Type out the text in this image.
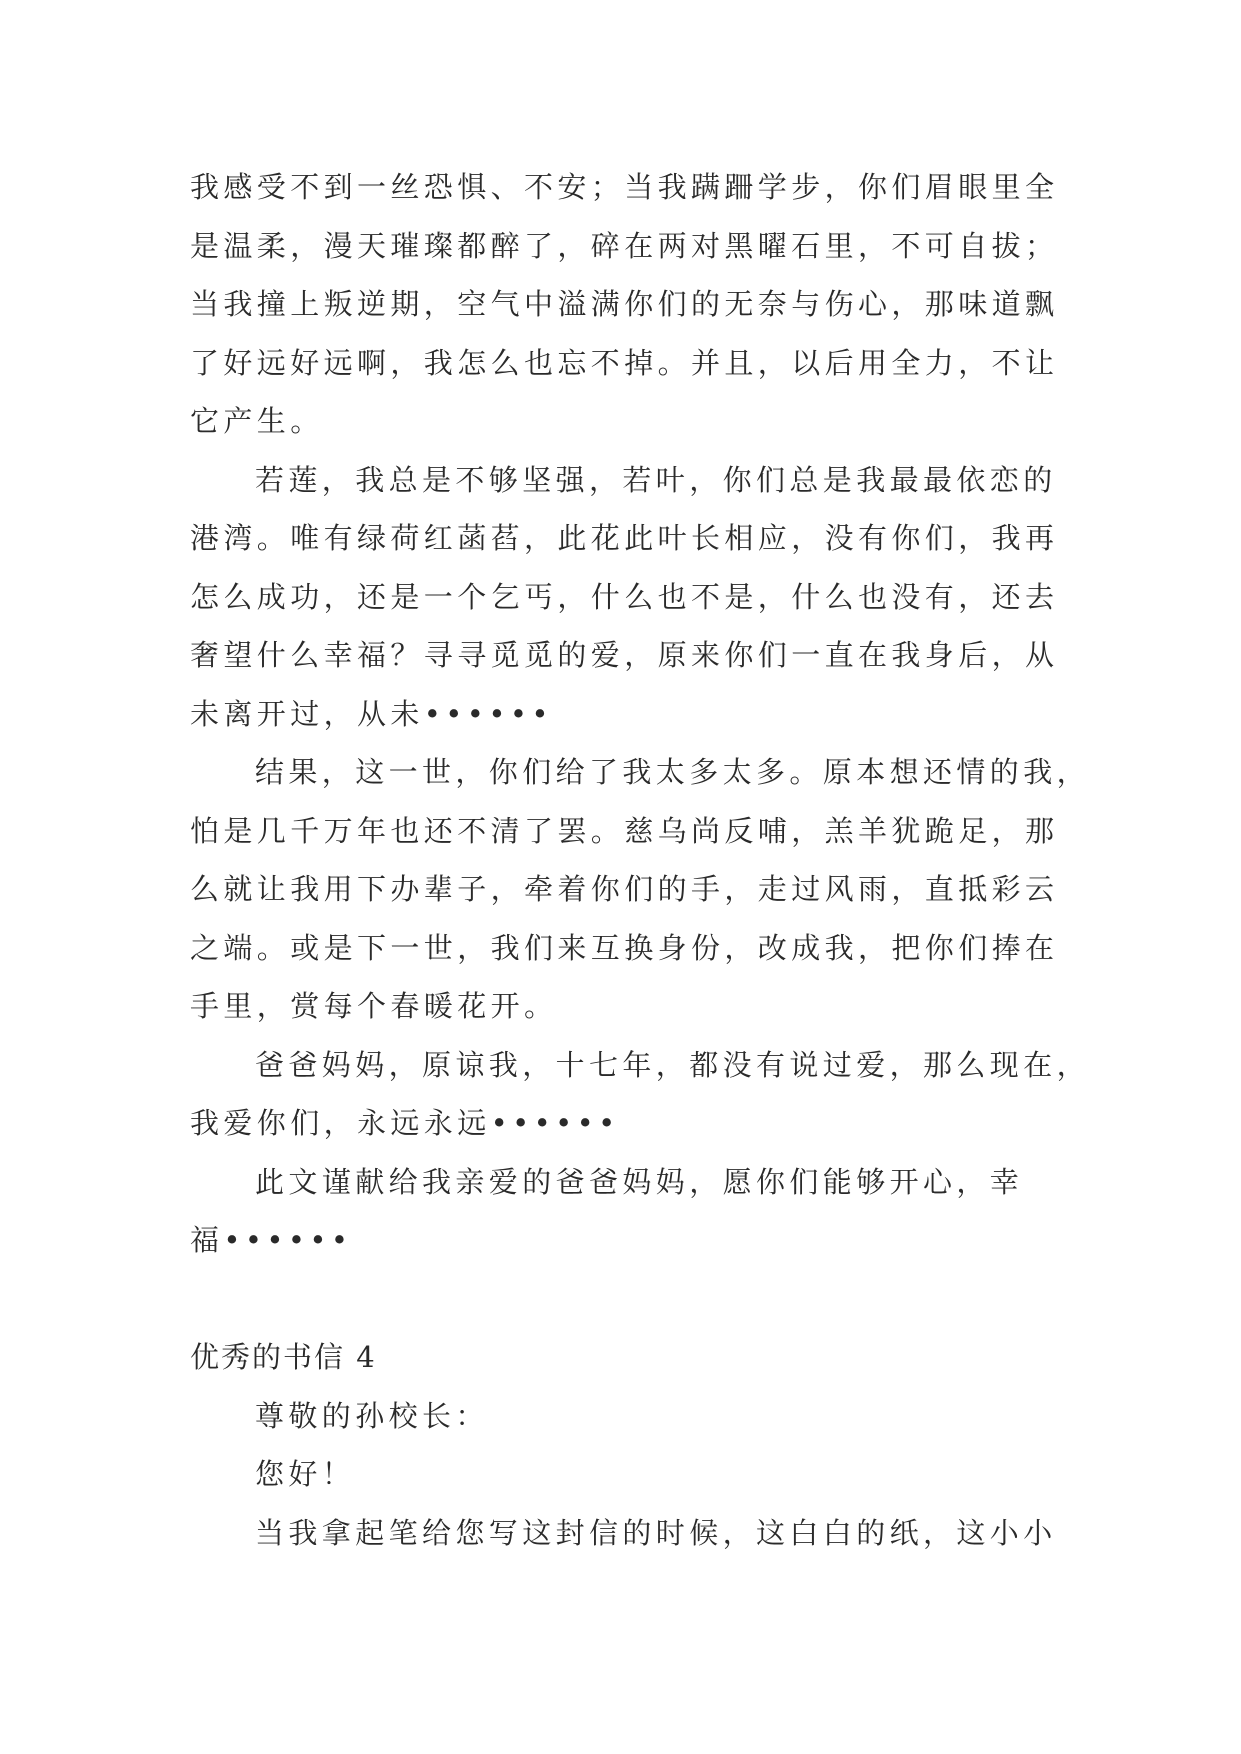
我感受不到一丝恐惧、不安；当我蹒跚学步，你们眉眼里全
是温柔，漫天璀璨都醉了，碎在两对黑曜石里，不可自拔；
当我撞上叛逆期，空气中溢满你们的无奈与伤心，那味道飘
了好远好远啊，我怎么也忘不掉。并且，以后用全力，不让
它产生。
若莲，我总是不够坚强，若叶，你们总是我最最依恋的
港湾。唯有绿荷红菡萏，此花此叶长相应，没有你们，我再
怎么成功，还是一个乞丐，什么也不是，什么也没有，还去
奢望什么幸福？寻寻觅觅的爱，原来你们一直在我身后，从
未离开过，从未••••••
结果，这一世，你们给了我太多太多。原本想还情的我，
怕是几千万年也还不清了罢。慈乌尚反哺，羔羊犹跪足，那
么就让我用下办辈子，牵着你们的手，走过风雨，直抵彩云
之端。或是下一世，我们来互换身份，改成我，把你们捧在
手里，赏每个春暖花开。
爸爸妈妈，原谅我，十七年，都没有说过爱，那么现在，
我爱你们，永远永远••••••
此文谨献给我亲爱的爸爸妈妈，愿你们能够开心，幸
福••••••
优秀的书信 4
尊敬的孙校长：
您好！
当我拿起笔给您写这封信的时候，这白白的纸，这小小
